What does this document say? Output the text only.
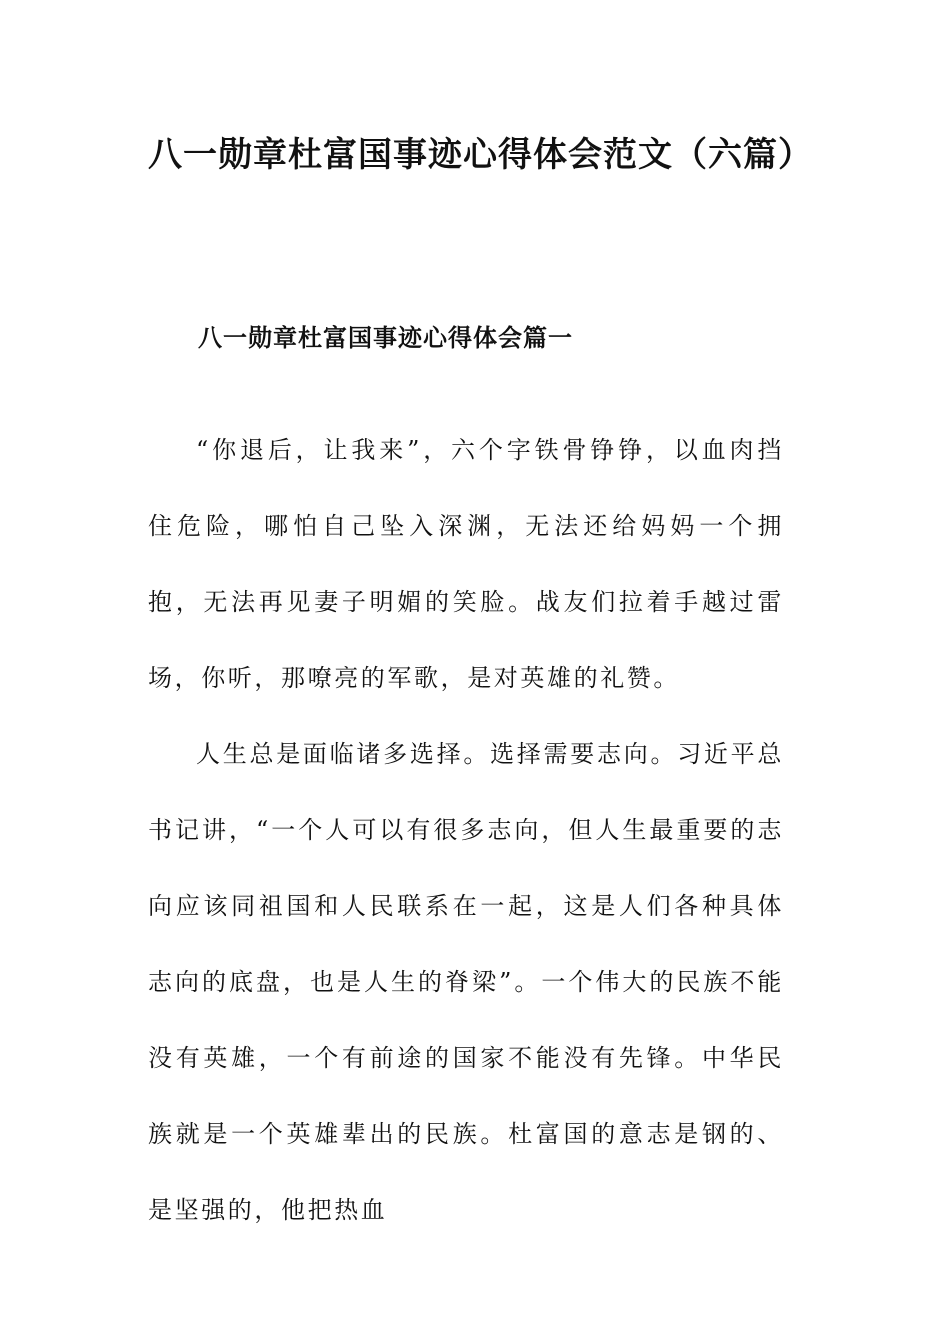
八一勋章杜富国事迹心得体会范文（六篇）
八一勋章杜富国事迹心得体会篇一

“你退后，让我来”，六个字铁骨铮铮，以血肉挡住危险，哪怕自己坠入深渊，无法还给妈妈一个拥抱，无法再见妻子明媚的笑脸。战友们拉着手越过雷场，你听，那嘹亮的军歌，是对英雄的礼赞。

人生总是面临诸多选择。选择需要志向。习近平总书记讲，“一个人可以有很多志向，但人生最重要的志向应该同祖国和人民联系在一起，这是人们各种具体志向的底盘，也是人生的脊梁”。一个伟大的民族不能没有英雄，一个有前途的国家不能没有先锋。中华民族就是一个英雄辈出的民族。杜富国的意志是钢的、是坚强的，他把热血
